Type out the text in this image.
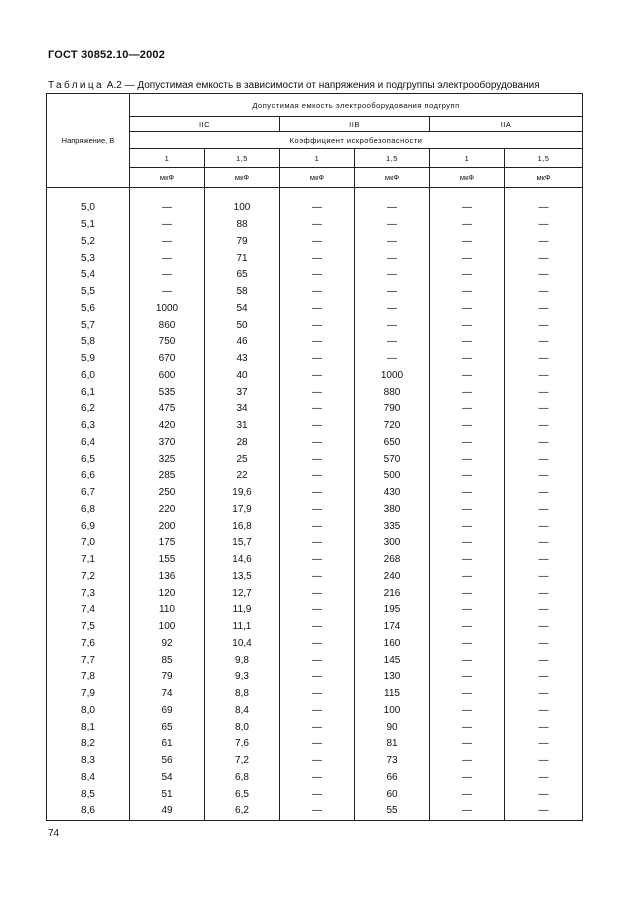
ГОСТ 30852.10—2002
Таблица А.2 — Допустимая емкость в зависимости от напряжения и подгруппы электрооборудования
Напряжение, В	Допустимая емкость электрооборудования подгрупп					
	IIC		IIB		IIA	
	Коэффициент искробезопасности					
	1	1,5	1	1,5	1	1,5
	мкФ	мкФ	мкФ	мкФ	мкФ	мкФ

5,0	—	100	—	—	—	—
5,1	—	88	—	—	—	—
5,2	—	79	—	—	—	—
5,3	—	71	—	—	—	—
5,4	—	65	—	—	—	—
5,5	—	58	—	—	—	—
5,6	1000	54	—	—	—	—
5,7	860	50	—	—	—	—
5,8	750	46	—	—	—	—
5,9	670	43	—	—	—	—
6,0	600	40	—	1000	—	—
6,1	535	37	—	880	—	—
6,2	475	34	—	790	—	—
6,3	420	31	—	720	—	—
6,4	370	28	—	650	—	—
6,5	325	25	—	570	—	—
6,6	285	22	—	500	—	—
6,7	250	19,6	—	430	—	—
6,8	220	17,9	—	380	—	—
6,9	200	16,8	—	335	—	—
7,0	175	15,7	—	300	—	—
7,1	155	14,6	—	268	—	—
7,2	136	13,5	—	240	—	—
7,3	120	12,7	—	216	—	—
7,4	110	11,9	—	195	—	—
7,5	100	11,1	—	174	—	—
7,6	92	10,4	—	160	—	—
7,7	85	9,8	—	145	—	—
7,8	79	9,3	—	130	—	—
7,9	74	8,8	—	115	—	—
8,0	69	8,4	—	100	—	—
8,1	65	8,0	—	90	—	—
8,2	61	7,6	—	81	—	—
8,3	56	7,2	—	73	—	—
8,4	54	6,8	—	66	—	—
8,5	51	6,5	—	60	—	—
8,6	49	6,2	—	55	—	—
74
